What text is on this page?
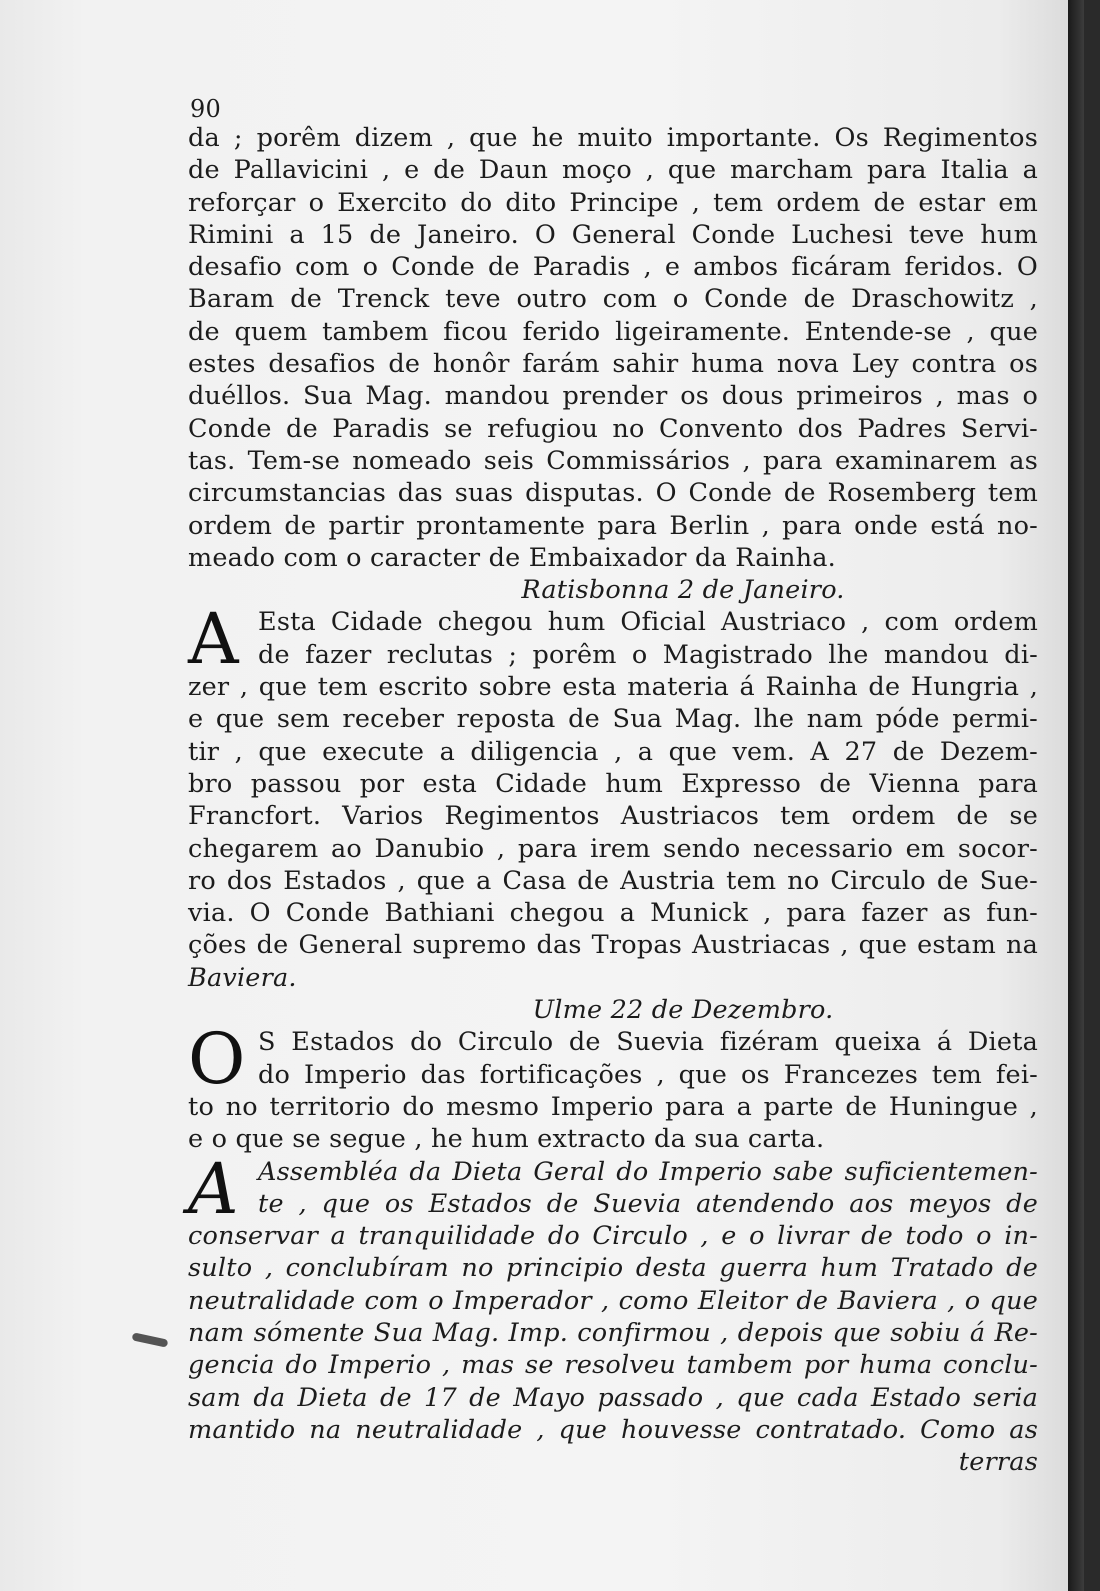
90
da ; porêm dizem , que he muito importante. Os Regimentos
de Pallavicini , e de Daun moço , que marcham para Italia a
reforçar o Exercito do dito Principe , tem ordem de estar em
Rimini a 15 de Janeiro. O General Conde Luchesi teve hum
desafio com o Conde de Paradis , e ambos ficáram feridos. O
Baram de Trenck teve outro com o Conde de Draschowitz ,
de quem tambem ficou ferido ligeiramente. Entende-se , que
estes desafios de honôr farám sahir huma nova Ley contra os
duéllos. Sua Mag. mandou prender os dous primeiros , mas o
Conde de Paradis se refugiou no Convento dos Padres Servi-
tas. Tem-se nomeado seis Commissários , para examinarem as
circumstancias das suas disputas. O Conde de Rosemberg tem
ordem de partir prontamente para Berlin , para onde está no-
meado com o caracter de Embaixador da Rainha.
Ratisbonna 2 de Janeiro.
A Esta Cidade chegou hum Oficial Austriaco , com ordem
de fazer reclutas ; porêm o Magistrado lhe mandou di-
zer , que tem escrito sobre esta materia á Rainha de Hungria ,
e que sem receber reposta de Sua Mag. lhe nam póde permi-
tir , que execute a diligencia , a que vem. A 27 de Dezem-
bro passou por esta Cidade hum Expresso de Vienna para
Francfort. Varios Regimentos Austriacos tem ordem de se
chegarem ao Danubio , para irem sendo necessario em socor-
ro dos Estados , que a Casa de Austria tem no Circulo de Sue-
via. O Conde Bathiani chegou a Munick , para fazer as fun-
ções de General supremo das Tropas Austriacas , que estam na
Baviera.
Ulme 22 de Dezembro.
O S Estados do Circulo de Suevia fizéram queixa á Dieta
do Imperio das fortificações , que os Francezes tem fei-
to no territorio do mesmo Imperio para a parte de Huningue ,
e o que se segue , he hum extracto da sua carta.
A Assembléa da Dieta Geral do Imperio sabe suficientemen-
te , que os Estados de Suevia atendendo aos meyos de
conservar a tranquilidade do Circulo , e o livrar de todo o in-
sulto , conclubíram no principio desta guerra hum Tratado de
neutralidade com o Imperador , como Eleitor de Baviera , o que
nam sómente Sua Mag. Imp. confirmou , depois que sobiu á Re-
gencia do Imperio , mas se resolveu tambem por huma conclu-
sam da Dieta de 17 de Mayo passado , que cada Estado seria
mantido na neutralidade , que houvesse contratado. Como as
terras
